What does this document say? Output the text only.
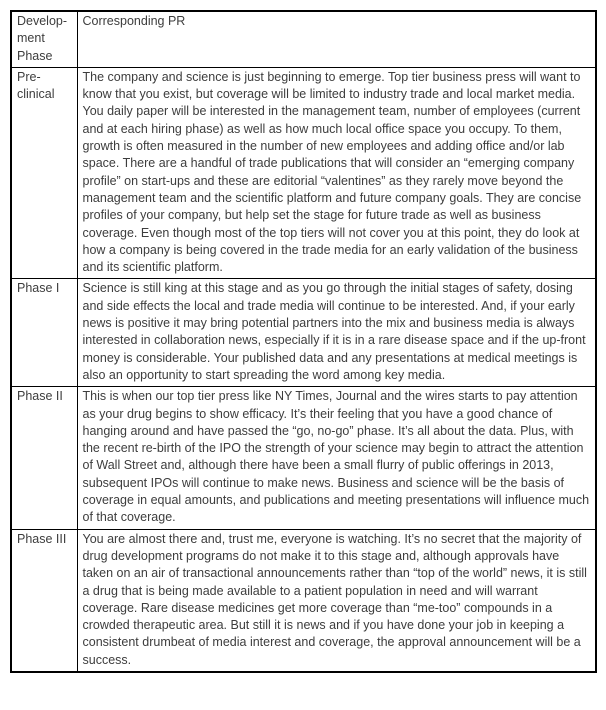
Develop-ment Phase	Corresponding PR
Pre-clinical	The company and science is just beginning to emerge. Top tier business press will want to know that you exist, but coverage will be limited to industry trade and local market media. You daily paper will be interested in the management team, number of employees (current and at each hiring phase) as well as how much local office space you occupy. To them, growth is often measured in the number of new employees and adding office and/or lab space. There are a handful of trade publications that will consider an “emerging company profile” on start-ups and these are editorial “valentines” as they rarely move beyond the management team and the scientific platform and future company goals. They are concise profiles of your company, but help set the stage for future trade as well as business coverage. Even though most of the top tiers will not cover you at this point, they do look at how a company is being covered in the trade media for an early validation of the business and its scientific platform.
Phase I	Science is still king at this stage and as you go through the initial stages of safety, dosing and side effects the local and trade media will continue to be interested. And, if your early news is positive it may bring potential partners into the mix and business media is always interested in collaboration news, especially if it is in a rare disease space and if the up-front money is considerable. Your published data and any presentations at medical meetings is also an opportunity to start spreading the word among key media.
Phase II	This is when our top tier press like NY Times, Journal and the wires starts to pay attention as your drug begins to show efficacy. It’s their feeling that you have a good chance of hanging around and have passed the “go, no-go” phase. It’s all about the data. Plus, with the recent re-birth of the IPO the strength of your science may begin to attract the attention of Wall Street and, although there have been a small flurry of public offerings in 2013, subsequent IPOs will continue to make news. Business and science will be the basis of coverage in equal amounts, and publications and meeting presentations will influence much of that coverage.
Phase III	You are almost there and, trust me, everyone is watching. It’s no secret that the majority of drug development programs do not make it to this stage and, although approvals have taken on an air of transactional announcements rather than “top of the world” news, it is still a drug that is being made available to a patient population in need and will warrant coverage. Rare disease medicines get more coverage than “me-too” compounds in a crowded therapeutic area. But still it is news and if you have done your job in keeping a consistent drumbeat of media interest and coverage, the approval announcement will be a success.
